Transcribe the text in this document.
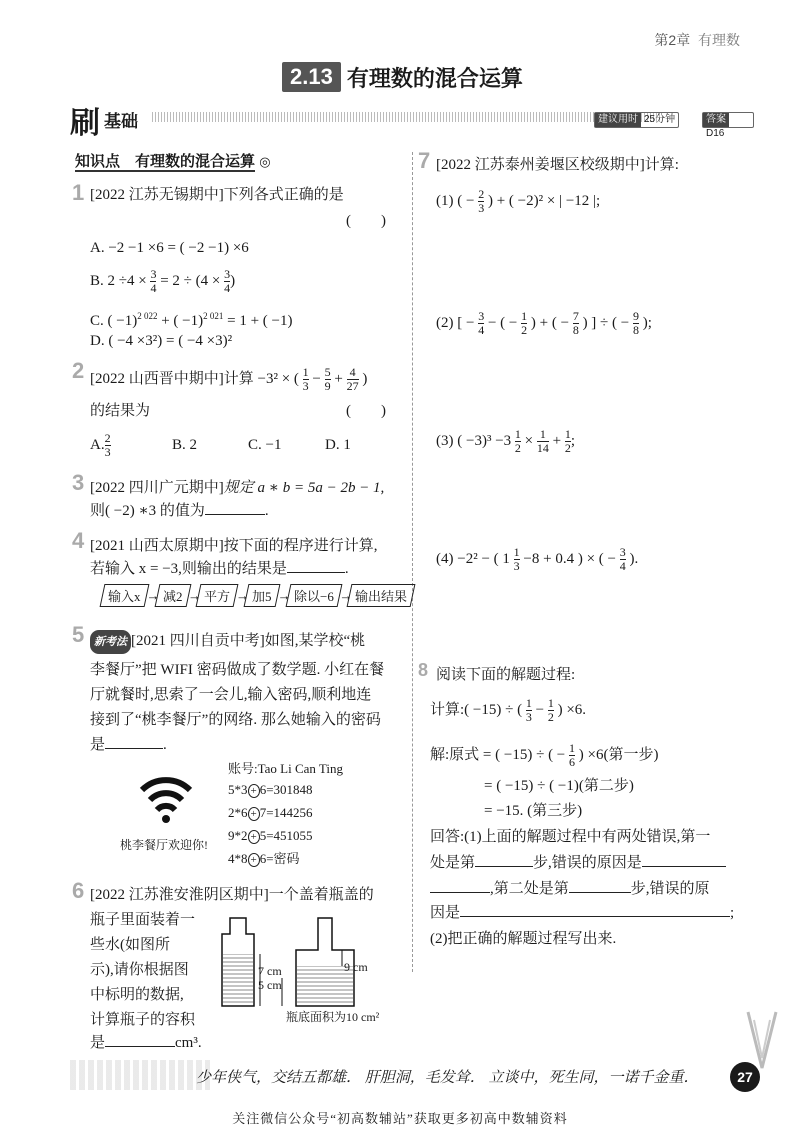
第2章 有理数
2.13 有理数的混合运算
刷 基础	建议用时 25分钟	答案D16
知识点　有理数的混合运算 ◎
1 [2022 江苏无锡期中]下列各式正确的是
(　　)
A. −2 −1 ×6 = ( −2 −1) ×6
B. $2 \div 4 \times \frac{3}{4} = 2 \div (4 \times \frac{3}{4}$ )
C. ( −1)$^{2 022}$ + ( −1)$^{2 021}$ = 1 + ( −1)
D. ( −4 ×3²) = ( −4 ×3)²
2 [2022 山西晋中期中]计算 −3² × ( $\frac{1}{3} - \frac{5}{9} + \frac{4}{27}$ )
的结果为	(　　)
A. $\frac{2}{3}$	B. 2	C. −1	D. 1
3 [2022 四川广元期中]规定 a ∗ b = 5a − 2b − 1,
则( −2) ∗3 的值为	.
4 [2021 山西太原期中]按下面的程序进行计算,
若输入 x = −3,则输出的结果是	.
输入x → 减2 → 平方 → 加5 → 除以−6 → 输出结果
5 新考法 [2021 四川自贡中考]如图,某学校“桃
李餐厅”把 WIFI 密码做成了数学题. 小红在餐
厅就餐时,思索了一会儿,输入密码,顺利地连
接到了“桃李餐厅”的网络. 那么她输入的密码
是	.
桃李餐厅欢迎你!
账号:Tao Li Can Ting
5*3 + 6=301848
2*6 + 7=144256
9*2 + 5=451055
4*8 + 6=密码
6 [2022 江苏淮安淮阴区期中]一个盖着瓶盖的
瓶子里面装着一
些水(如图所
示),请你根据图
中标明的数据,
计算瓶子的容积
是	cm³.
7 cm
5 cm
9 cm
瓶底面积为10 cm²
7 [2022 江苏泰州姜堰区校级期中]计算:
(1) ( − $\frac{2}{3}$ ) + ( −2)² × | −12 |;
(2) [ − $\frac{3}{4}$ − ( − $\frac{1}{2}$ ) + ( − $\frac{7}{8}$ ) ] ÷ ( − $\frac{9}{8}$ );
(3) ( $-3)^3 -3 \frac{1}{2} \times \frac{1}{14} + \frac{1}{2}$ ;
(4) −2² − ( $1 \frac{1}{3} -8 + 0.4$ ) × ( − $\frac{3}{4}$ ).
8 阅读下面的解题过程:
计算:( −15) ÷ ( $\frac{1}{3} - \frac{1}{2}$ ) ×6.
解:原式 = ( −15) ÷ ( − $\frac{1}{6}$ ) ×6(第一步)
= ( −15) ÷ ( −1)(第二步)
= −15. (第三步)
回答:(1)上面的解题过程中有两处错误,第一
处是第	步,错误的原因是
,第二处是第	步,错误的原
因是	;
(2)把正确的解题过程写出来.
少年侠气，交结五都雄． 肝胆洞，毛发耸． 立谈中，死生同，一诺千金重．	27
关注微信公众号“初高数辅站”获取更多初高中数辅资料
